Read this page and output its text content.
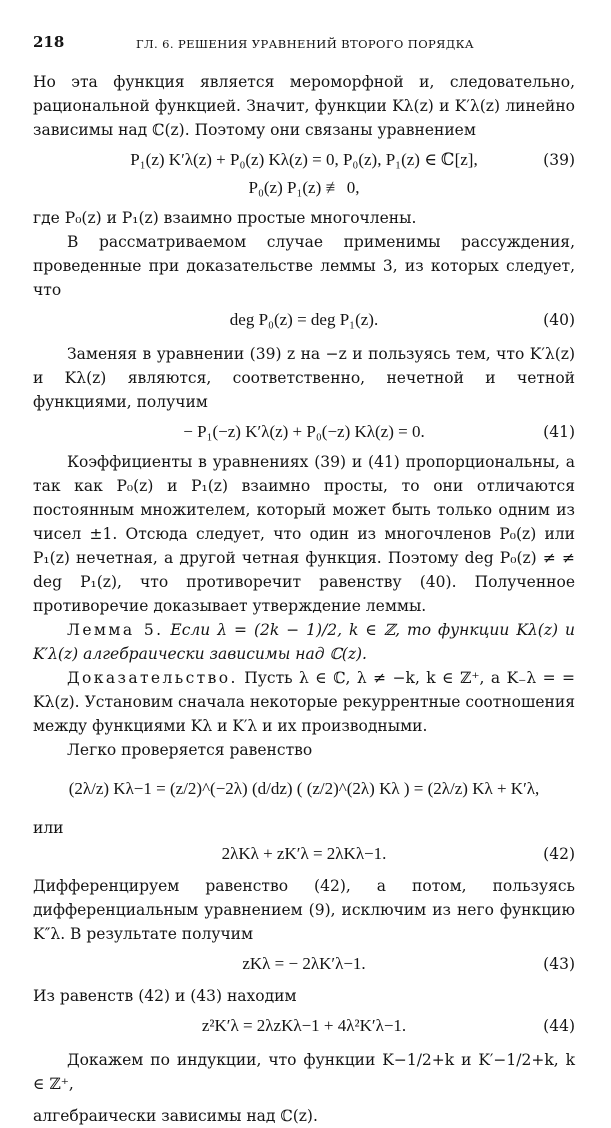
218	ГЛ. 6. РЕШЕНИЯ УРАВНЕНИЙ ВТОРОГО ПОРЯДКА

Но эта функция является мероморфной и, следовательно, рациональной функцией. Значит, функции Kλ(z) и K′λ(z) линейно зависимы над ℂ(z). Поэтому они связаны уравнением

P₁(z) K′λ(z) + P₀(z) Kλ(z) = 0, P₀(z), P₁(z) ∈ ℂ[z],	(39)
P₀(z) P₁(z) ≢ 0,

где P₀(z) и P₁(z) взаимно простые многочлены.

В рассматриваемом случае применимы рассуждения, проведенные при доказательстве леммы 3, из которых следует, что

deg P₀(z) = deg P₁(z).	(40)

Заменяя в уравнении (39) z на −z и пользуясь тем, что K′λ(z) и Kλ(z) являются, соответственно, нечетной и четной функциями, получим

− P₁(−z) K′λ(z) + P₀(−z) Kλ(z) = 0.	(41)

Коэффициенты в уравнениях (39) и (41) пропорциональны, а так как P₀(z) и P₁(z) взаимно просты, то они отличаются постоянным множителем, который может быть только одним из чисел ±1. Отсюда следует, что один из многочленов P₀(z) или P₁(z) нечетная, а другой четная функция. Поэтому deg P₀(z) ≠ ≠ deg P₁(z), что противоречит равенству (40). Полученное противоречие доказывает утверждение леммы.

Лемма 5. Если λ = (2k − 1)/2, k ∈ ℤ, то функции Kλ(z) и K′λ(z) алгебраически зависимы над ℂ(z).

Доказательство. Пусть λ ∈ ℂ, λ ≠ −k, k ∈ ℤ⁺, а K₋λ = = Kλ(z). Установим сначала некоторые рекуррентные соотношения между функциями Kλ и K′λ и их производными.

Легко проверяется равенство

(2λ/z) Kλ−1 = (z/2)^(−2λ) (d/dz) ( (z/2)^(2λ) Kλ ) = (2λ/z) Kλ + K′λ,

или

2λKλ + zK′λ = 2λKλ−1.	(42)

Дифференцируем равенство (42), а потом, пользуясь дифференциальным уравнением (9), исключим из него функцию K″λ. В результате получим

zKλ = − 2λK′λ−1.	(43)

Из равенств (42) и (43) находим

z²K′λ = 2λzKλ−1 + 4λ²K′λ−1.	(44)

Докажем по индукции, что функции K−1/2+k и K′−1/2+k, k ∈ ℤ⁺,

алгебраически зависимы над ℂ(z).
